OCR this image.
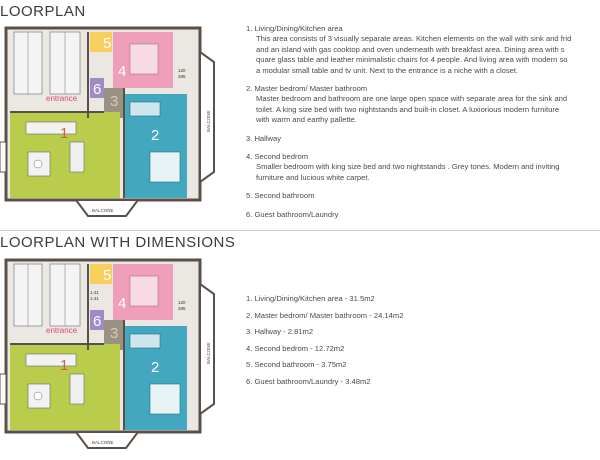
LOORPLAN
5
4
6
3
1	2
entrance
BALCONE
BALCONE
120
285
1. Living/Dining/Kitchen area
This area consists of 3 visually separate areas. Kitchen elements on the wall with sink and frid
and an island with gas cooktop and oven underneath with breakfast area. Dining area with s
quare glass table and leather minimalistic chairs for 4 people. And living area with modern so
a modular small table and tv unit. Next to the entrance is a niche with a closet.
2. Master bedrom/ Master bathroom
Master bedroom and bathroom are one large open space with separate area for the sink and
toilet. A king size bed with two nightstands and built-in closet. A luxiorious modern furniture
with warm and earthy pallette.
3. Hallway
4. Second bedrom
Smaller bedroom with king size bed and two nightstands . Grey tones. Modern and inviting
furniture and lucious white carpet.
5. Second bathroom
6. Guest bathroom/Laundry
LOORPLAN WITH DIMENSIONS
5
4
6
3
1	2
entrance
BALCONE
BALCONE
1.41
1.41
120
285
1. Living/Dining/Kitchen area - 31.5m2
2. Master bedrom/ Master bathroom - 24.14m2
3. Hallway - 2.81m2
4. Second bedrom - 12.72m2
5. Second bathroom - 3.75m2
6. Guest bathroom/Laundry - 3.48m2
